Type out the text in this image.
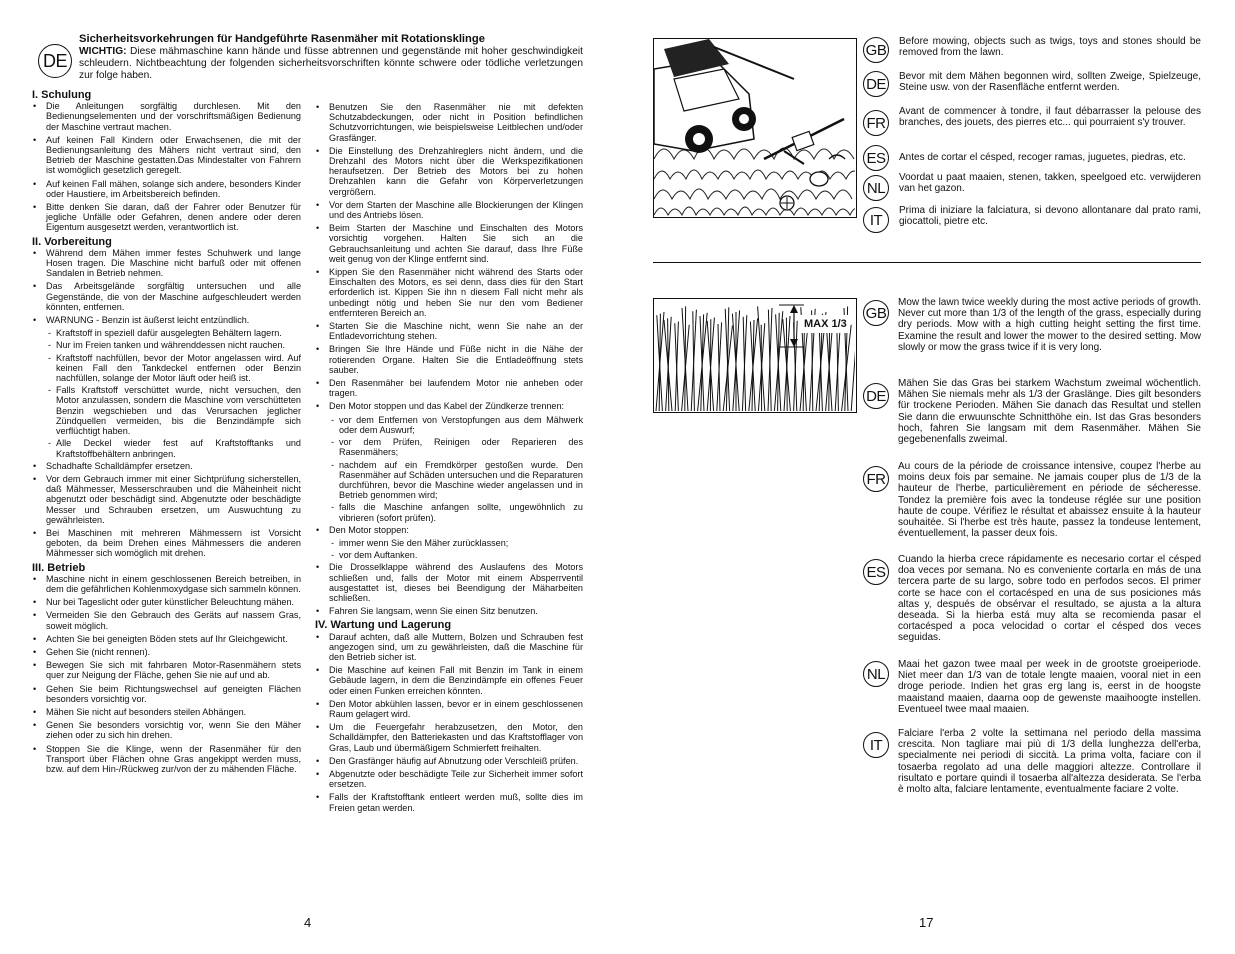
DE
Sicherheitsvorkehrungen für Handgeführte Rasenmäher mit Rotationsklinge
WICHTIG: Diese mähmaschine kann hände und füsse abtrennen und gegenstände mit hoher geschwindigkeit schleudern. Nichtbeachtung der folgenden sicherheitsvorschriften könnte schwere oder tödliche verletzungen zur folge haben.
I. Schulung
• Die Anleitungen sorgfältig durchlesen. Mit den Bedienungselementen und der vorschriftsmäßigen Bedienung der Maschine vertraut machen.
• Auf keinen Fall Kindern oder Erwachsenen, die mit der Bedienungsanleitung des Mähers nicht vertraut sind, den Betrieb der Maschine gestatten.Das Mindestalter von Fahrern ist womöglich gesetzlich geregelt.
• Auf keinen Fall mähen, solange sich andere, besonders Kinder oder Haustiere, im Arbeitsbereich befinden.
• Bitte denken Sie daran, daß der Fahrer oder Benutzer für jegliche Unfälle oder Gefahren, denen andere oder deren Eigentum ausgesetzt werden, verantwortlich ist.
II. Vorbereitung
• Während dem Mähen immer festes Schuhwerk und lange Hosen tragen. Die Maschine nicht barfuß oder mit offenen Sandalen in Betrieb nehmen.
• Das Arbeitsgelände sorgfältig untersuchen und alle Gegenstände, die von der Maschine aufgeschleudert werden könnten, entfernen.
• WARNUNG - Benzin ist äußerst leicht entzündlich.
- Kraftstoff in speziell dafür ausgelegten Behältern lagern.
- Nur im Freien tanken und währenddessen nicht rauchen.
- Kraftstoff nachfüllen, bevor der Motor angelassen wird. Auf keinen Fall den Tankdeckel entfernen oder Benzin nachfüllen, solange der Motor läuft oder heiß ist.
- Falls Kraftstoff verschüttet wurde, nicht versuchen, den Motor anzulassen, sondern die Maschine vom verschütteten Benzin wegschieben und das Verursachen jeglicher Zündquellen vermeiden, bis die Benzindämpfe sich verflüchtigt haben.
- Alle Deckel wieder fest auf Kraftstofftanks und Kraftstoffbehältern anbringen.
• Schadhafte Schalldämpfer ersetzen.
• Vor dem Gebrauch immer mit einer Sichtprüfung sicherstellen, daß Mähmesser, Messerschrauben und die Mäheinheit nicht abgenutzt oder beschädigt sind. Abgenutzte oder beschädigte Messer und Schrauben ersetzen, um Auswuchtung zu gewährleisten.
• Bei Maschinen mit mehreren Mähmessern ist Vorsicht geboten, da beim Drehen eines Mähmessers die anderen Mähmesser sich womöglich mit drehen.
III. Betrieb
• Maschine nicht in einem geschlossenen Bereich betreiben, in dem die gefährlichen Kohlenmoxydgase sich sammeln können.
• Nur bei Tageslicht oder guter künstlicher Beleuchtung mähen.
• Vermeiden Sie den Gebrauch des Geräts auf nassem Gras, soweit möglich.
• Achten Sie bei geneigten Böden stets auf Ihr Gleichgewicht.
• Gehen Sie (nicht rennen).
• Bewegen Sie sich mit fahrbaren Motor-Rasenmähern stets quer zur Neigung der Fläche, gehen Sie nie auf und ab.
• Gehen Sie beim Richtungswechsel auf geneigten Flächen besonders vorsichtig vor.
• Mähen Sie nicht auf besonders steilen Abhängen.
• Genen Sie besonders vorsichtig vor, wenn Sie den Mäher ziehen oder zu sich hin drehen.
• Stoppen Sie die Klinge, wenn der Rasenmäher für den Transport über Flächen ohne Gras angekippt werden muss, bzw. auf dem Hin-/Rückweg zur/von der zu mähenden Fläche.
• Benutzen Sie den Rasenmäher nie mit defekten Schutzabdeckungen, oder nicht in Position befindlichen Schutzvorrichtungen, wie beispielsweise Leitblechen und/oder Grasfänger.
• Die Einstellung des Drehzahlreglers nicht ändern, und die Drehzahl des Motors nicht über die Werkspezifikationen heraufsetzen. Der Betrieb des Motors bei zu hohen Drehzahlen kann die Gefahr von Körperverletzungen vergrößern.
• Vor dem Starten der Maschine alle Blockierungen der Klingen und des Antriebs lösen.
• Beim Starten der Maschine und Einschalten des Motors vorsichtig vorgehen. Halten Sie sich an die Gebrauchsanleitung und achten Sie darauf, dass Ihre Füße weit genug von der Klinge entfernt sind.
• Kippen Sie den Rasenmäher nicht während des Starts oder Einschalten des Motors, es sei denn, dass dies für den Start erforderlich ist. Kippen Sie ihn n diesem Fall nicht mehr als unbedingt nötig und heben Sie nur den vom Bediener entfernteren Bereich an.
• Starten Sie die Maschine nicht, wenn Sie nahe an der Entladevorrichtung stehen.
• Bringen Sie Ihre Hände und Füße nicht in die Nähe der rotierenden Organe. Halten Sie die Entladeöffnung stets sauber.
• Den Rasenmäher bei laufendem Motor nie anheben oder tragen.
• Den Motor stoppen und das Kabel der Zündkerze trennen:
- vor dem Entfernen von Verstopfungen aus dem Mähwerk oder dem Auswurf;
- vor dem Prüfen, Reinigen oder Reparieren des Rasenmähers;
- nachdem auf ein Fremdkörper gestoßen wurde. Den Rasenmäher auf Schäden untersuchen und die Reparaturen durchführen, bevor die Maschine wieder angelassen und in Betrieb genommen wird;
- falls die Maschine anfangen sollte, ungewöhnlich zu vibrieren (sofort prüfen).
• Den Motor stoppen:
- immer wenn Sie den Mäher zurücklassen;
- vor dem Auftanken.
• Die Drosselklappe während des Auslaufens des Motors schließen und, falls der Motor mit einem Absperrventil ausgestattet ist, dieses bei Beendigung der Mäharbeiten schließen.
• Fahren Sie langsam, wenn Sie einen Sitz benutzen.
IV. Wartung und Lagerung
• Darauf achten, daß alle Muttern, Bolzen und Schrauben fest angezogen sind, um zu gewährleisten, daß die Maschine für den Betrieb sicher ist.
• Die Maschine auf keinen Fall mit Benzin im Tank in einem Gebäude lagern, in dem die Benzindämpfe ein offenes Feuer oder einen Funken erreichen könnten.
• Den Motor abkühlen lassen, bevor er in einem geschlossenen Raum gelagert wird.
• Um die Feuergefahr herabzusetzen, den Motor, den Schalldämpfer, den Batteriekasten und das Kraftstofflager von Gras, Laub und übermäßigem Schmierfett freihalten.
• Den Grasfänger häufig auf Abnutzung oder Verschleiß prüfen.
• Abgenutzte oder beschädigte Teile zur Sicherheit immer sofort ersetzen.
• Falls der Kraftstofftank entleert werden muß, sollte dies im Freien getan werden.
4
MAX 1/3
GB Before mowing, objects such as twigs, toys and stones should be removed from the lawn.
DE	Bevor mit dem Mähen begonnen wird, sollten Zweige, Spielzeuge, Steine usw. von der Rasenfläche entfernt werden.
FR
Avant de commencer à tondre, il faut débarrasser la pelouse des branches, des jouets, des pierres etc... qui pourraient s'y trouver.
ES	Antes de cortar el césped, recoger ramas, juguetes, piedras, etc.
NL
Voordat u paat maaien, stenen, takken, speelgoed etc. verwijderen van het gazon.
IT
Prima di iniziare la falciatura, si devono allontanare dal prato rami, giocattoli, pietre etc.
GB
Mow the lawn twice weekly during the most active periods of growth. Never cut more than 1/3 of the length of the grass, especially during dry periods. Mow with a high cutting height setting the first time. Examine the result and lower the mower to the desired setting. Mow slowly or mow the grass twice if it is very long.
DE
Mähen Sie das Gras bei starkem Wachstum zweimal wöchentlich. Mähen Sie niemals mehr als 1/3 der Graslänge. Dies gilt besonders für trockene Perioden. Mähen Sie danach das Resultat und stellen Sie dann die erwuunschte Schnitthöhe ein. Ist das Gras besonders hoch, fahren Sie langsam mit dem Rasenmäher. Mähen Sie gegebenenfalls zweimal.
FR
Au cours de la période de croissance intensive, coupez l'herbe au moins deux fois par semaine. Ne jamais couper plus de 1/3 de la hauteur de l'herbe, particulièrement en période de sécheresse. Tondez la première fois avec la tondeuse réglée sur une position haute de coupe. Vérifiez le résultat et abaissez ensuite à la hauteur souhaitée. Si l'herbe est très haute, passez la tondeuse lentement, éventuellement, la passer deux fois.
ES
Cuando la hierba crece rápidamente es necesario cortar el césped doa veces por semana. No es conveniente cortarla en más de una tercera parte de su largo, sobre todo en perfodos secos. El primer corte se hace con el cortacésped en una de sus posiciones más altas y, después de obsérvar el resultado, se ajusta a la altura deseada. Si la hierba está muy alta se recomienda pasar el cortacésped a poca velocidad o cortar el césped dos veces seguidas.
NL
Maai het gazon twee maal per week in de grootste groeiperiode. Niet meer dan 1/3 van de totale lengte maaien, vooral niet in een droge periode. Indien het gras erg lang is, eerst in de hoogste maaistand maaien, daarna oop de gewenste maaihoogte instellen. Eventueel twee maal maaien.
IT
Falciare l'erba 2 volte la settimana nel periodo della massima crescita. Non tagliare mai più di 1/3 della lunghezza dell'erba, specialmente nei periodi di siccità. La prima volta, faciare con il tosaerba regolato ad una delle maggiori altezze. Controllare il risultato e portare quindi il tosaerba all'altezza desiderata. Se l'erba è molto alta, falciare lentamente, eventualmente faciare 2 volte.
17
